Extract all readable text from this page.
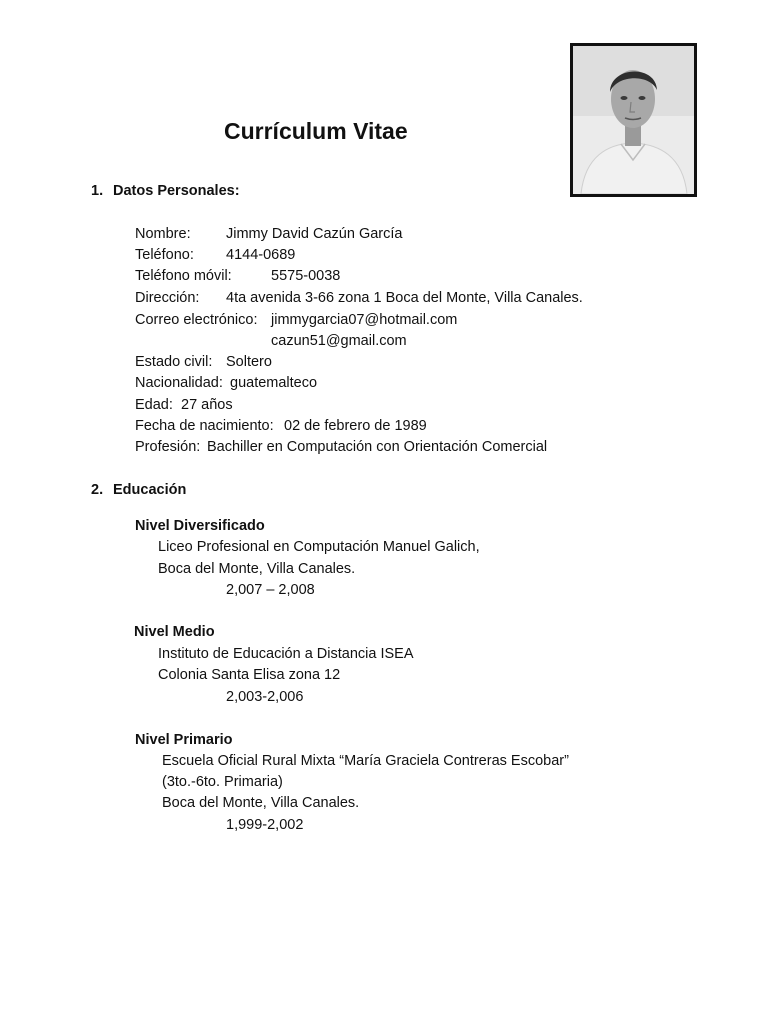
Currículum Vitae
1. Datos Personales:
Nombre: Jimmy David Cazún García
Teléfono: 4144-0689
Teléfono móvil:	5575-0038
Dirección: 4ta avenida 3-66 zona 1 Boca del Monte, Villa Canales.
Correo electrónico: jimmygarcia07@hotmail.com
cazun51@gmail.com
Estado civil: Soltero
Nacionalidad: guatemalteco
Edad: 27 años
Fecha de nacimiento: 02 de febrero de 1989
Profesión: Bachiller en Computación con Orientación Comercial
2. Educación
Nivel Diversificado
Liceo Profesional en Computación Manuel Galich,
Boca del Monte, Villa Canales.
2,007 – 2,008
Nivel Medio
Instituto de Educación a Distancia ISEA
Colonia Santa Elisa zona 12
2,003-2,006
Nivel Primario
Escuela Oficial Rural Mixta “María Graciela Contreras Escobar”
(3to.-6to. Primaria)
Boca del Monte, Villa Canales.
1,999-2,002
